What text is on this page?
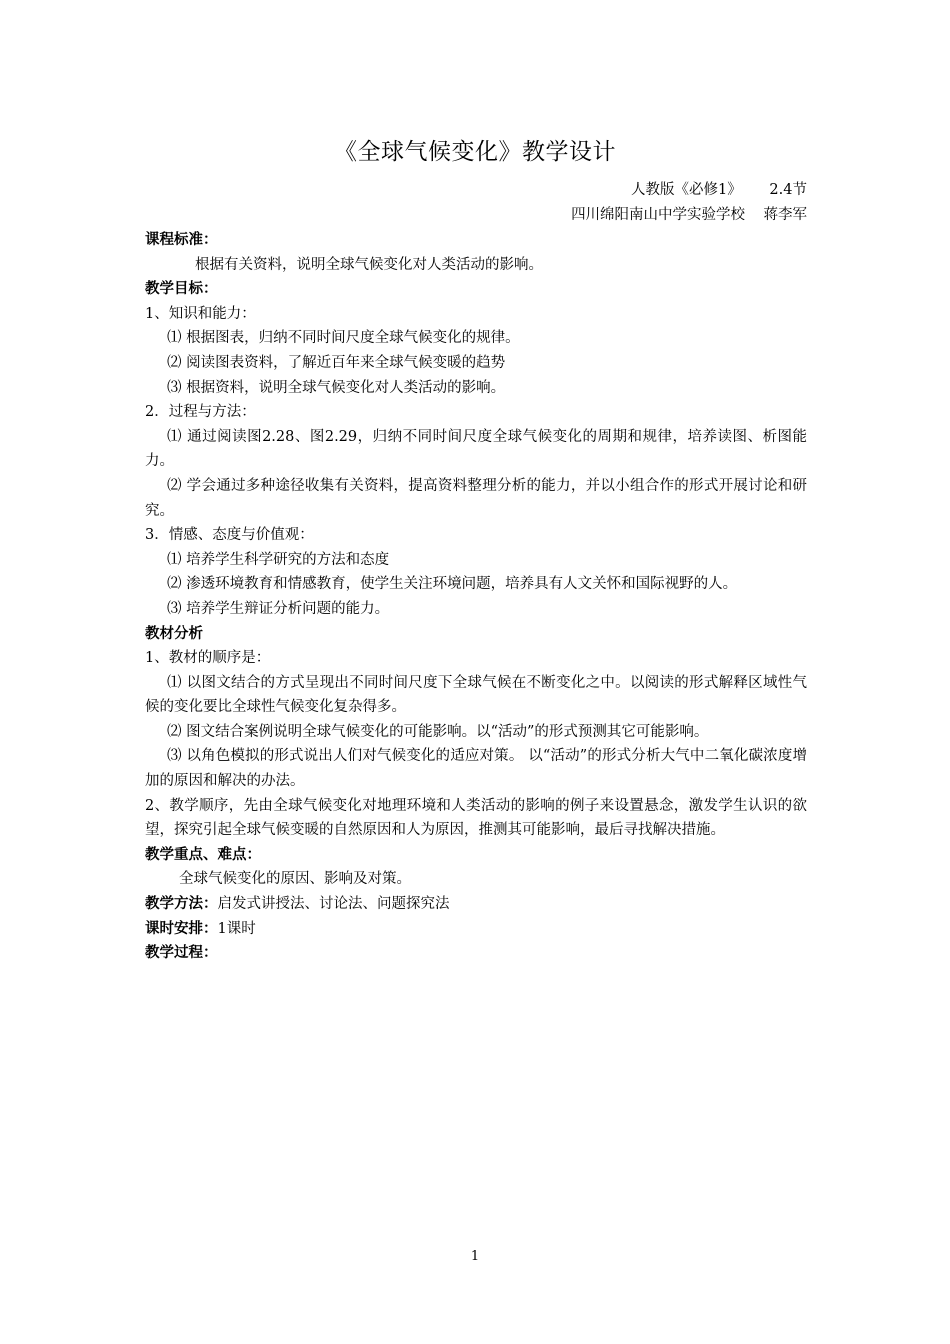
《全球气候变化》教学设计
人教版《必修1》      2.4节
四川绵阳南山中学实验学校    蒋李军
课程标准：
根据有关资料，说明全球气候变化对人类活动的影响。
教学目标：
1、知识和能力：
⑴ 根据图表，归纳不同时间尺度全球气候变化的规律。
⑵ 阅读图表资料，了解近百年来全球气候变暖的趋势
⑶ 根据资料，说明全球气候变化对人类活动的影响。
2．过程与方法：
⑴ 通过阅读图2.28、图2.29，归纳不同时间尺度全球气候变化的周期和规律，培养读图、析图能力。
⑵ 学会通过多种途径收集有关资料，提高资料整理分析的能力，并以小组合作的形式开展讨论和研究。
3．情感、态度与价值观：
⑴ 培养学生科学研究的方法和态度
⑵ 渗透环境教育和情感教育，使学生关注环境问题，培养具有人文关怀和国际视野的人。
⑶ 培养学生辩证分析问题的能力。
教材分析
1、教材的顺序是：
⑴ 以图文结合的方式呈现出不同时间尺度下全球气候在不断变化之中。以阅读的形式解释区域性气候的变化要比全球性气候变化复杂得多。
⑵ 图文结合案例说明全球气候变化的可能影响。以“活动”的形式预测其它可能影响。
⑶ 以角色模拟的形式说出人们对气候变化的适应对策。 以“活动”的形式分析大气中二氧化碳浓度增加的原因和解决的办法。
2、教学顺序，先由全球气候变化对地理环境和人类活动的影响的例子来设置悬念，激发学生认识的欲望，探究引起全球气候变暖的自然原因和人为原因，推测其可能影响，最后寻找解决措施。
教学重点、难点：
全球气候变化的原因、影响及对策。
教学方法：启发式讲授法、讨论法、问题探究法
课时安排：1课时
教学过程：
1
